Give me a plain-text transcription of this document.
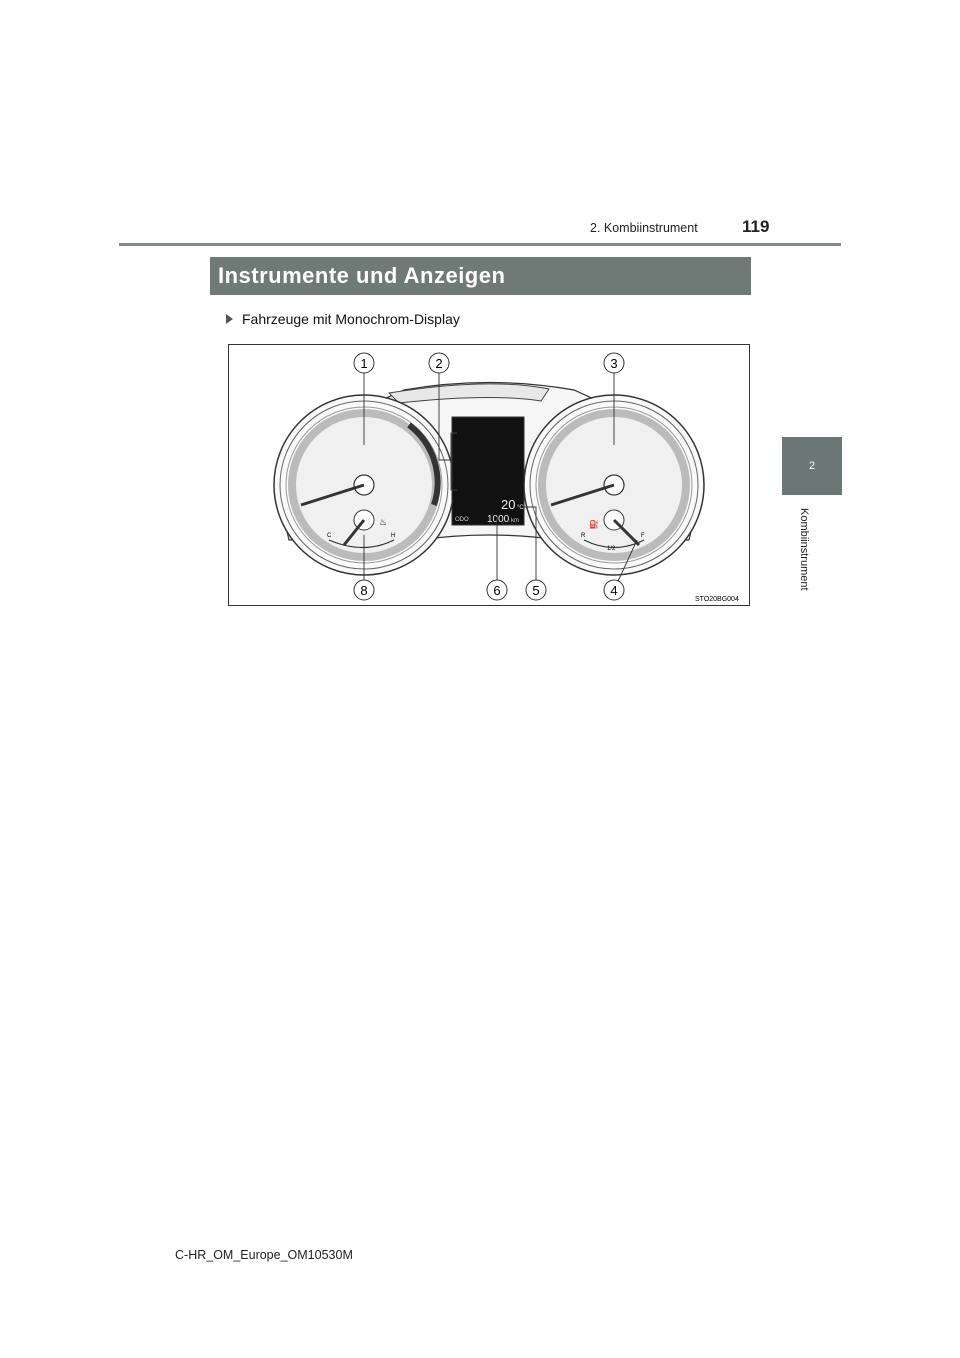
2. Kombiinstrument	119
2
Kombiinstrument
Instrumente und Anzeigen
Fahrzeuge mit Monochrom-Display
C	H
♨
R
1/2
F
⛽
20 °C
ODO 1000 km
1	2	3
8	6 5	4
STO20BG004
C-HR_OM_Europe_OM10530M
